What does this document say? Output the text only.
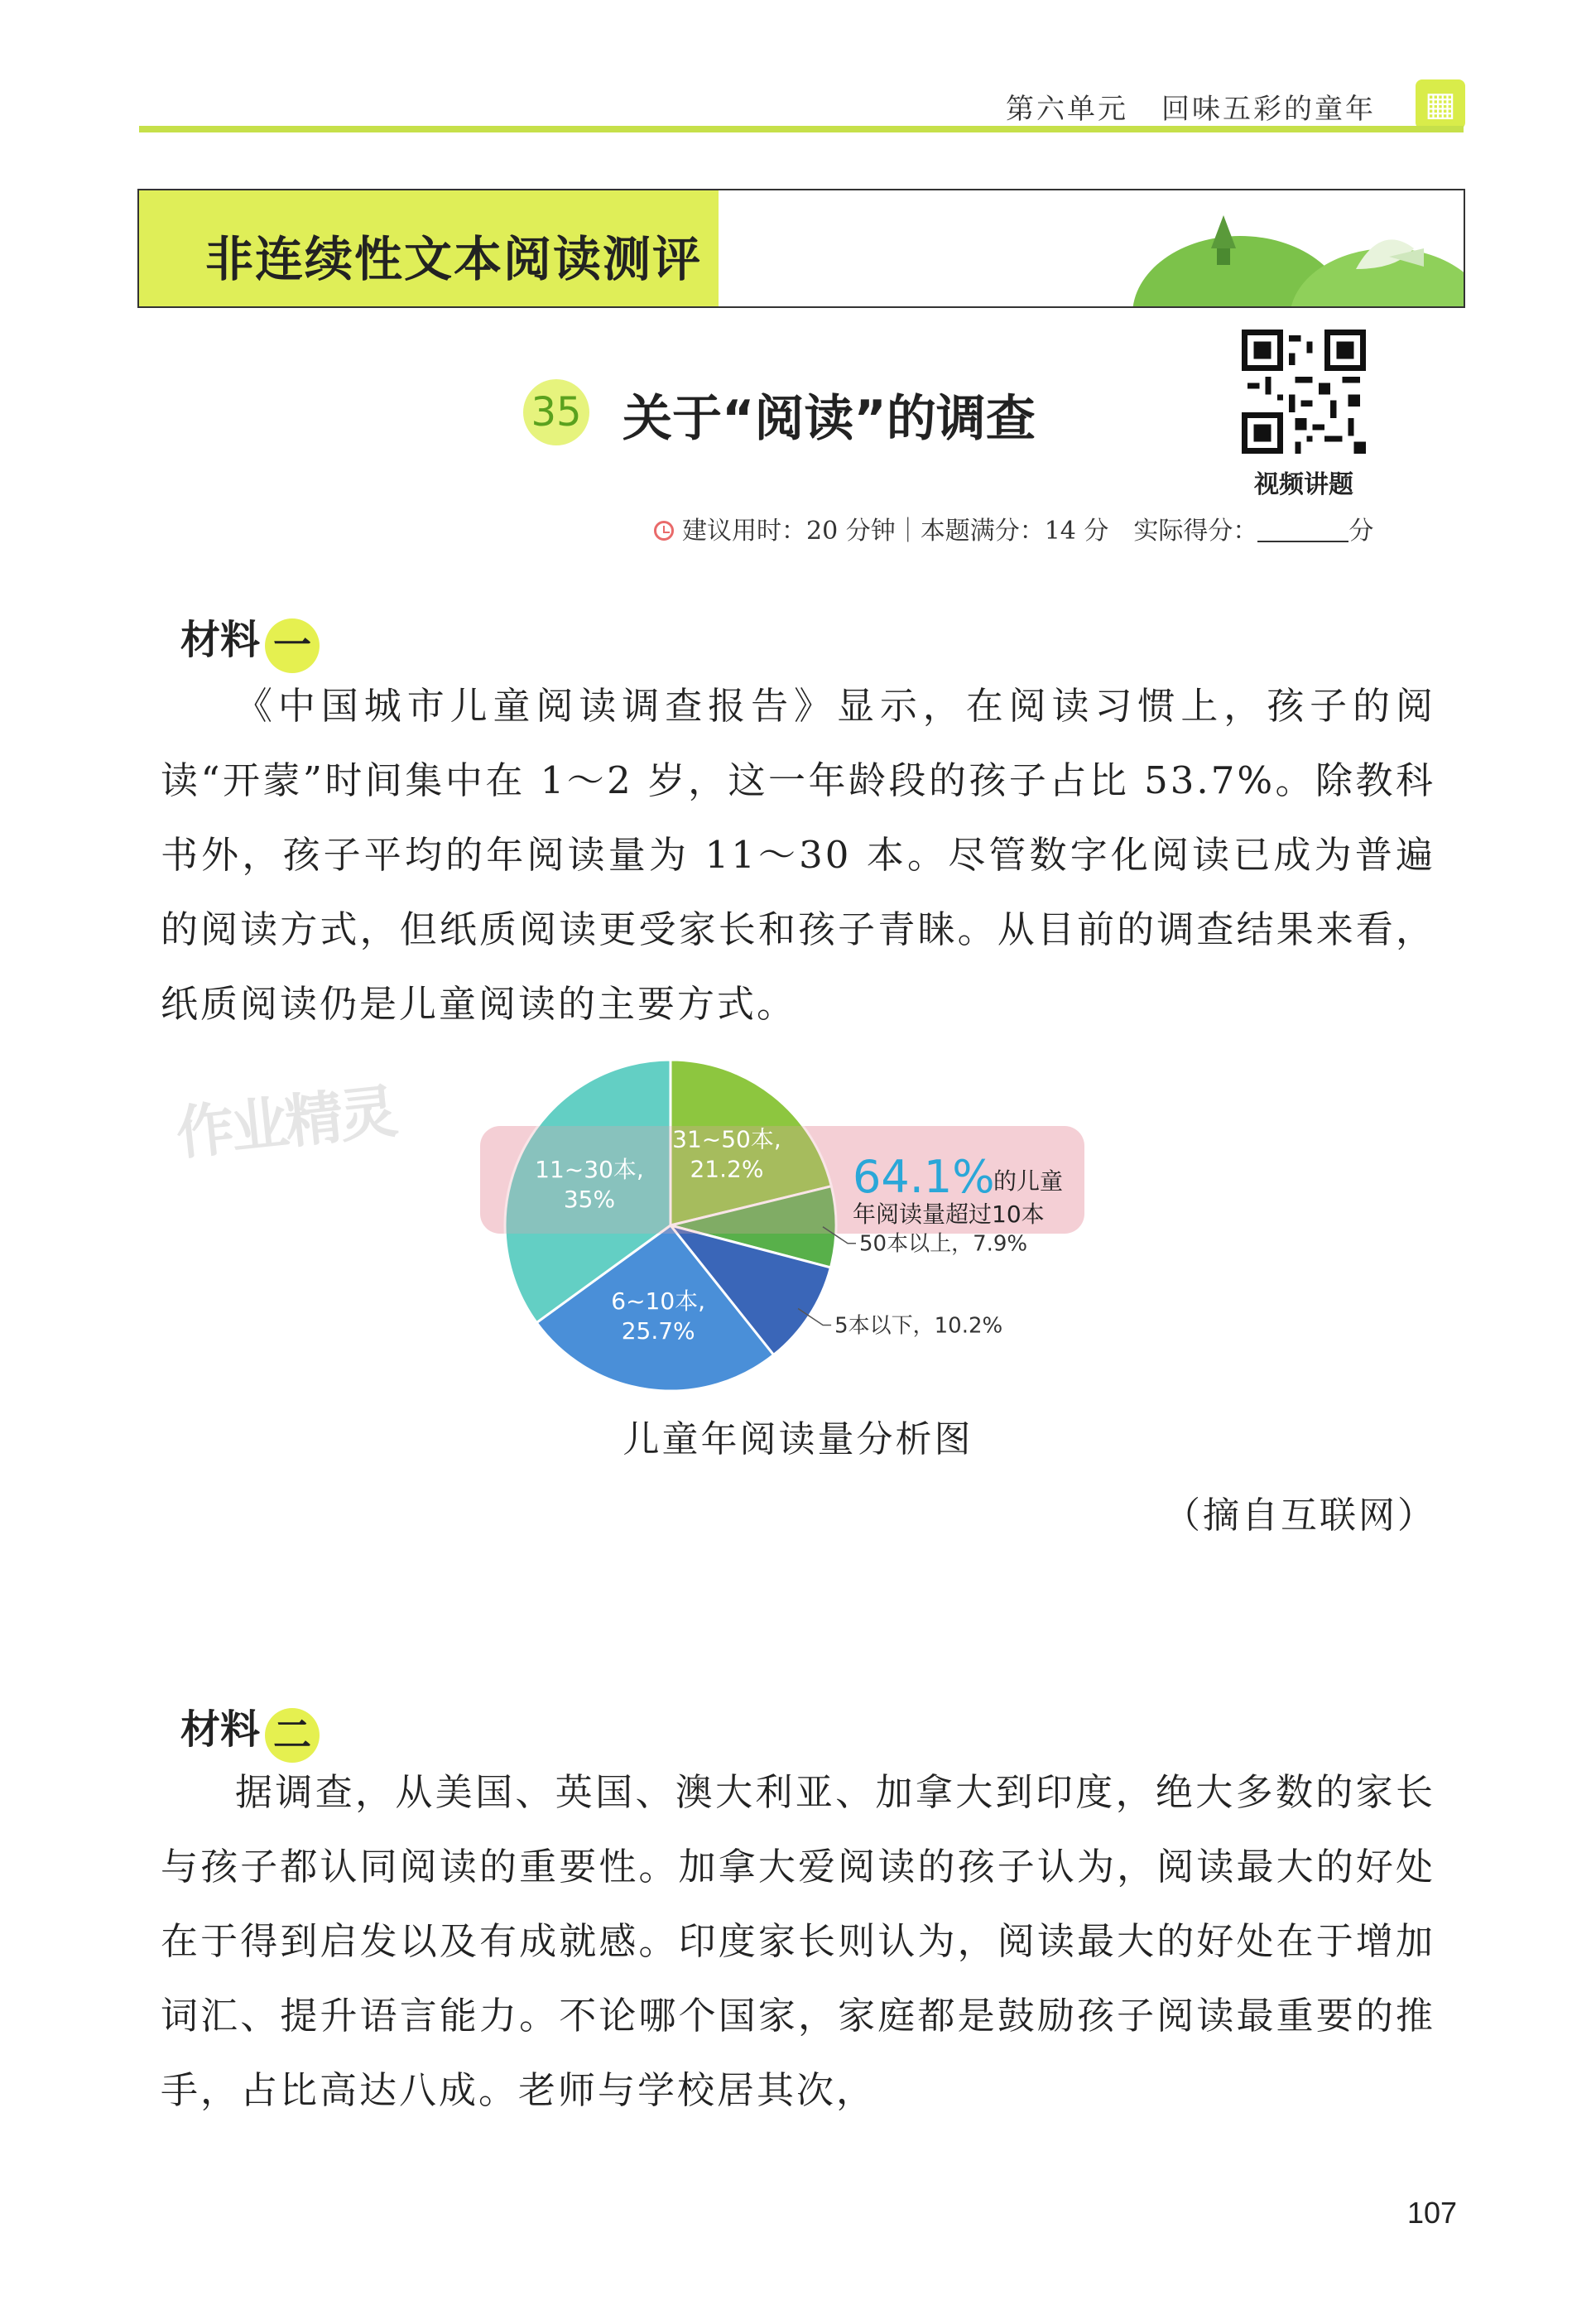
第六单元 回味五彩的童年 ▦
非连续性文本阅读测评
35 关于“阅读”的调查
视频讲题
建议用时：20 分钟｜本题满分：14 分　实际得分：	分
材料 一
《中国城市儿童阅读调查报告》显示，在阅读习惯上，孩子的阅读“开蒙”时间集中在 1～2 岁，这一年龄段的孩子占比 53.7%。除教科书外，孩子平均的年阅读量为 11～30 本。尽管数字化阅读已成为普遍的阅读方式，但纸质阅读更受家长和孩子青睐。从目前的调查结果来看，纸质阅读仍是儿童阅读的主要方式。
作业精灵	31~50本,
21.2%
6~10本,
25.7%
11~30本,
35%
50本以上，7.9%
5本以下，10.2%
64.1%
的儿童
年阅读量超过10本
儿童年阅读量分析图
（摘自互联网）
材料 二
据调查，从美国、英国、澳大利亚、加拿大到印度，绝大多数的家长与孩子都认同阅读的重要性。加拿大爱阅读的孩子认为，阅读最大的好处在于得到启发以及有成就感。印度家长则认为，阅读最大的好处在于增加词汇、提升语言能力。不论哪个国家，家庭都是鼓励孩子阅读最重要的推手，占比高达八成。老师与学校居其次，
107
